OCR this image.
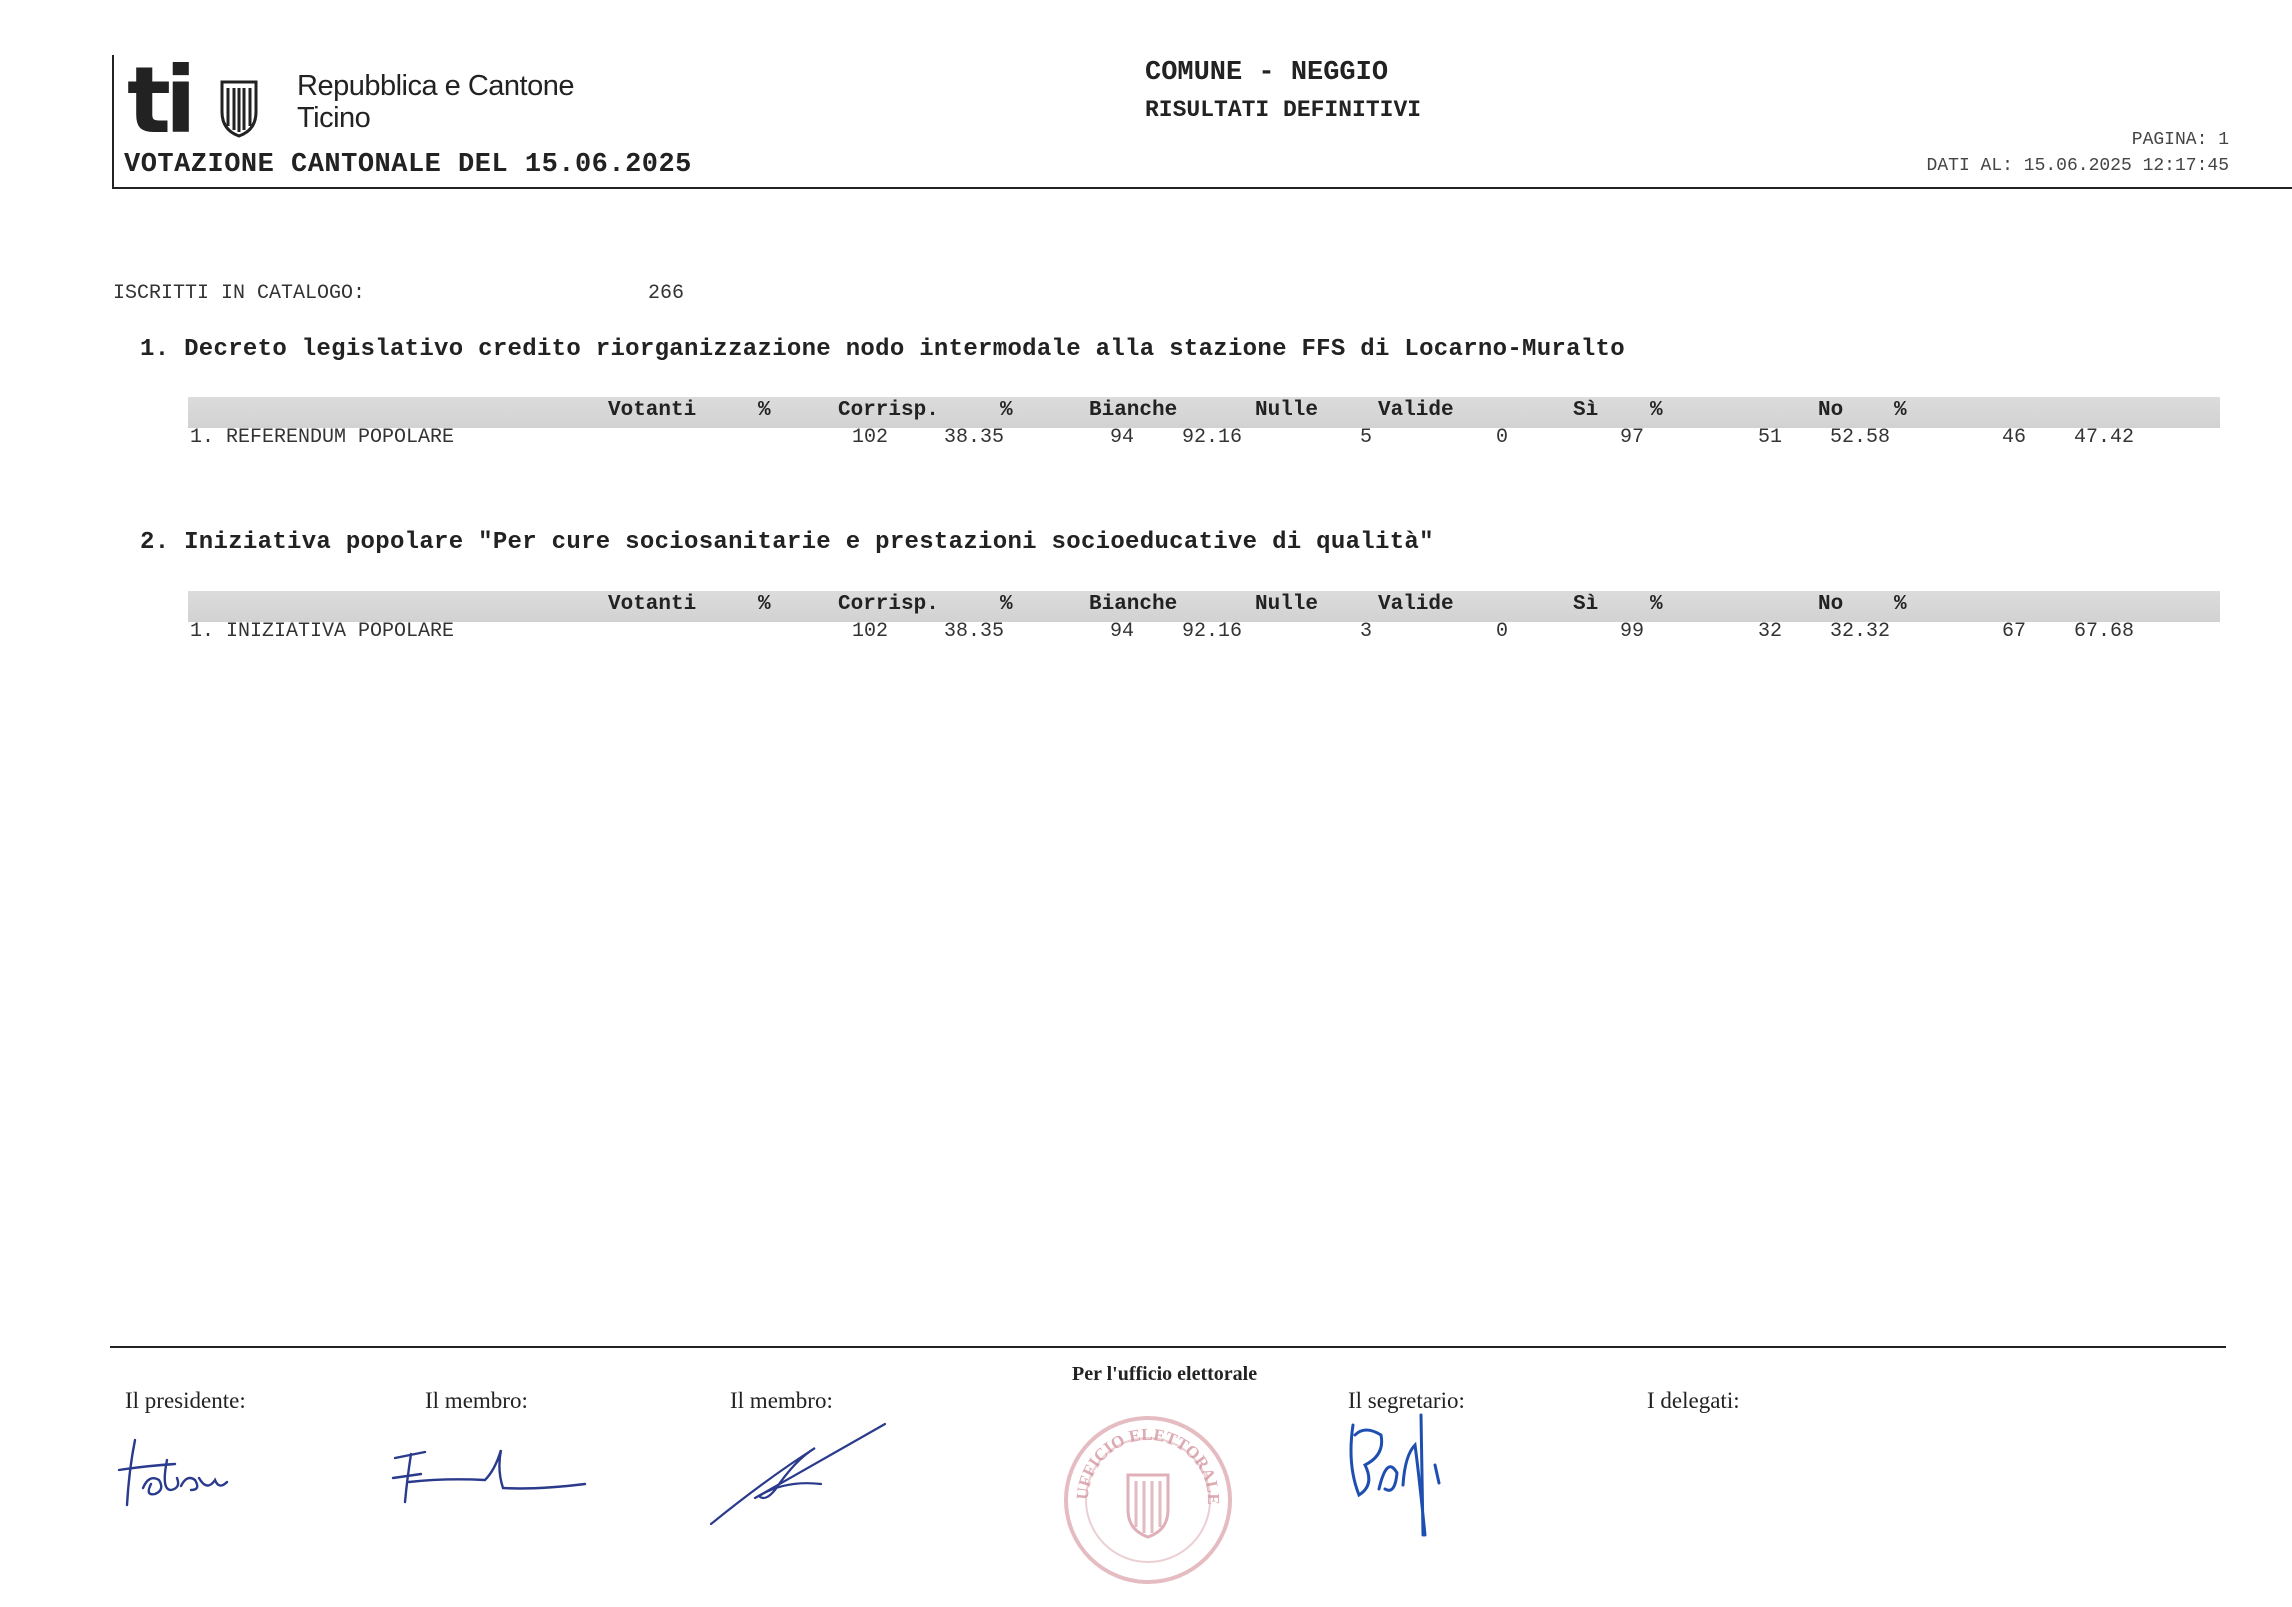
ti	Repubblica e Cantone
Ticino
VOTAZIONE CANTONALE DEL 15.06.2025
COMUNE - NEGGIO
RISULTATI DEFINITIVI
PAGINA: 1
DATI AL: 15.06.2025 12:17:45
ISCRITTI IN CATALOGO:	266
1. Decreto legislativo credito riorganizzazione nodo intermodale alla stazione FFS di Locarno-Muralto
Votanti	%	Corrisp.	%	Bianche	Nulle	Valide	Sì %	No %
1. REFERENDUM POPOLARE	102	38.35	94 92.16	5	0	97	51 52.58	46 47.42
2. Iniziativa popolare "Per cure sociosanitarie e prestazioni socioeducative di qualità"
Votanti	%	Corrisp.	%	Bianche	Nulle	Valide	Sì %	No %
1. INIZIATIVA POPOLARE	102	38.35	94 92.16	3	0	99	32 32.32	67 67.68
Per l'ufficio elettorale
Il presidente:	Il membro:	Il membro:	Il segretario:	I delegati:
UFFICIO ELETTORALE
